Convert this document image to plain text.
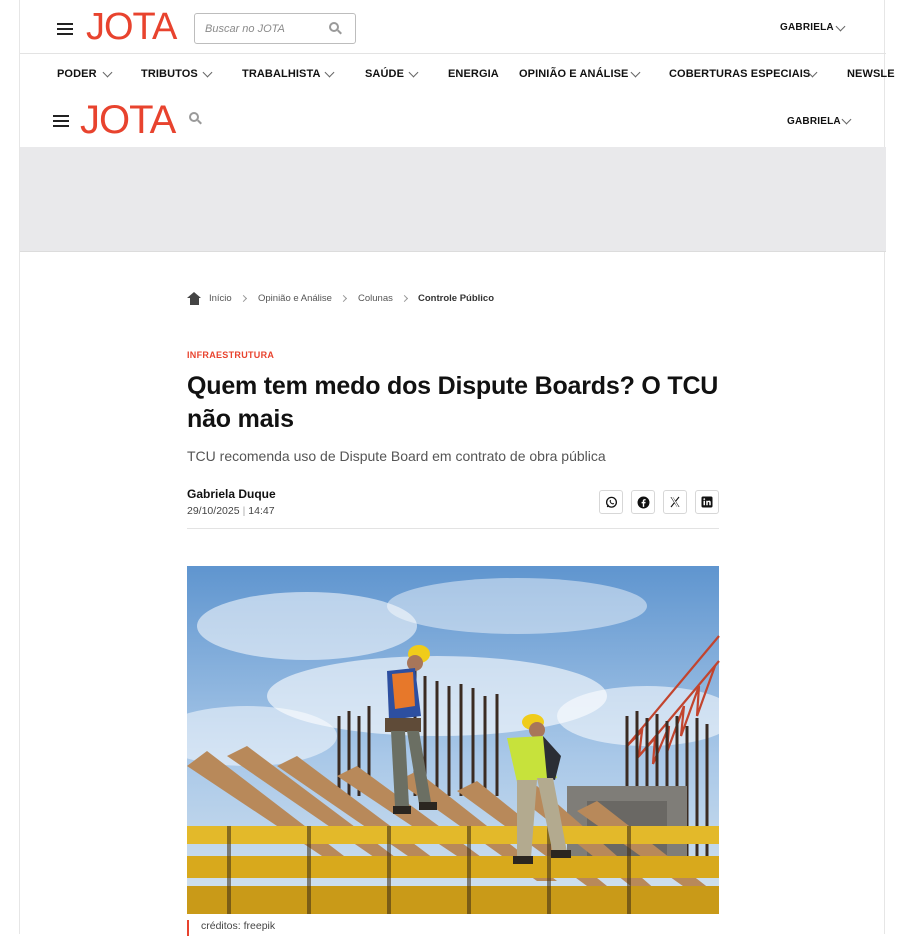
JOTA
Buscar no JOTA	GABRIELA
PODER	TRIBUTOS	TRABALHISTA	SAÚDE	ENERGIA OPINIÃO E ANÁLISE	COBERTURAS ESPECIAIS	NEWSLE
JOTA	GABRIELA
Início	Opinião e Análise	Colunas	Controle Público
INFRAESTRUTURA
Quem tem medo dos Dispute Boards? O TCU não mais
TCU recomenda uso de Dispute Board em contrato de obra pública
Gabriela Duque
29/10/2025 | 14:47
créditos: freepik
